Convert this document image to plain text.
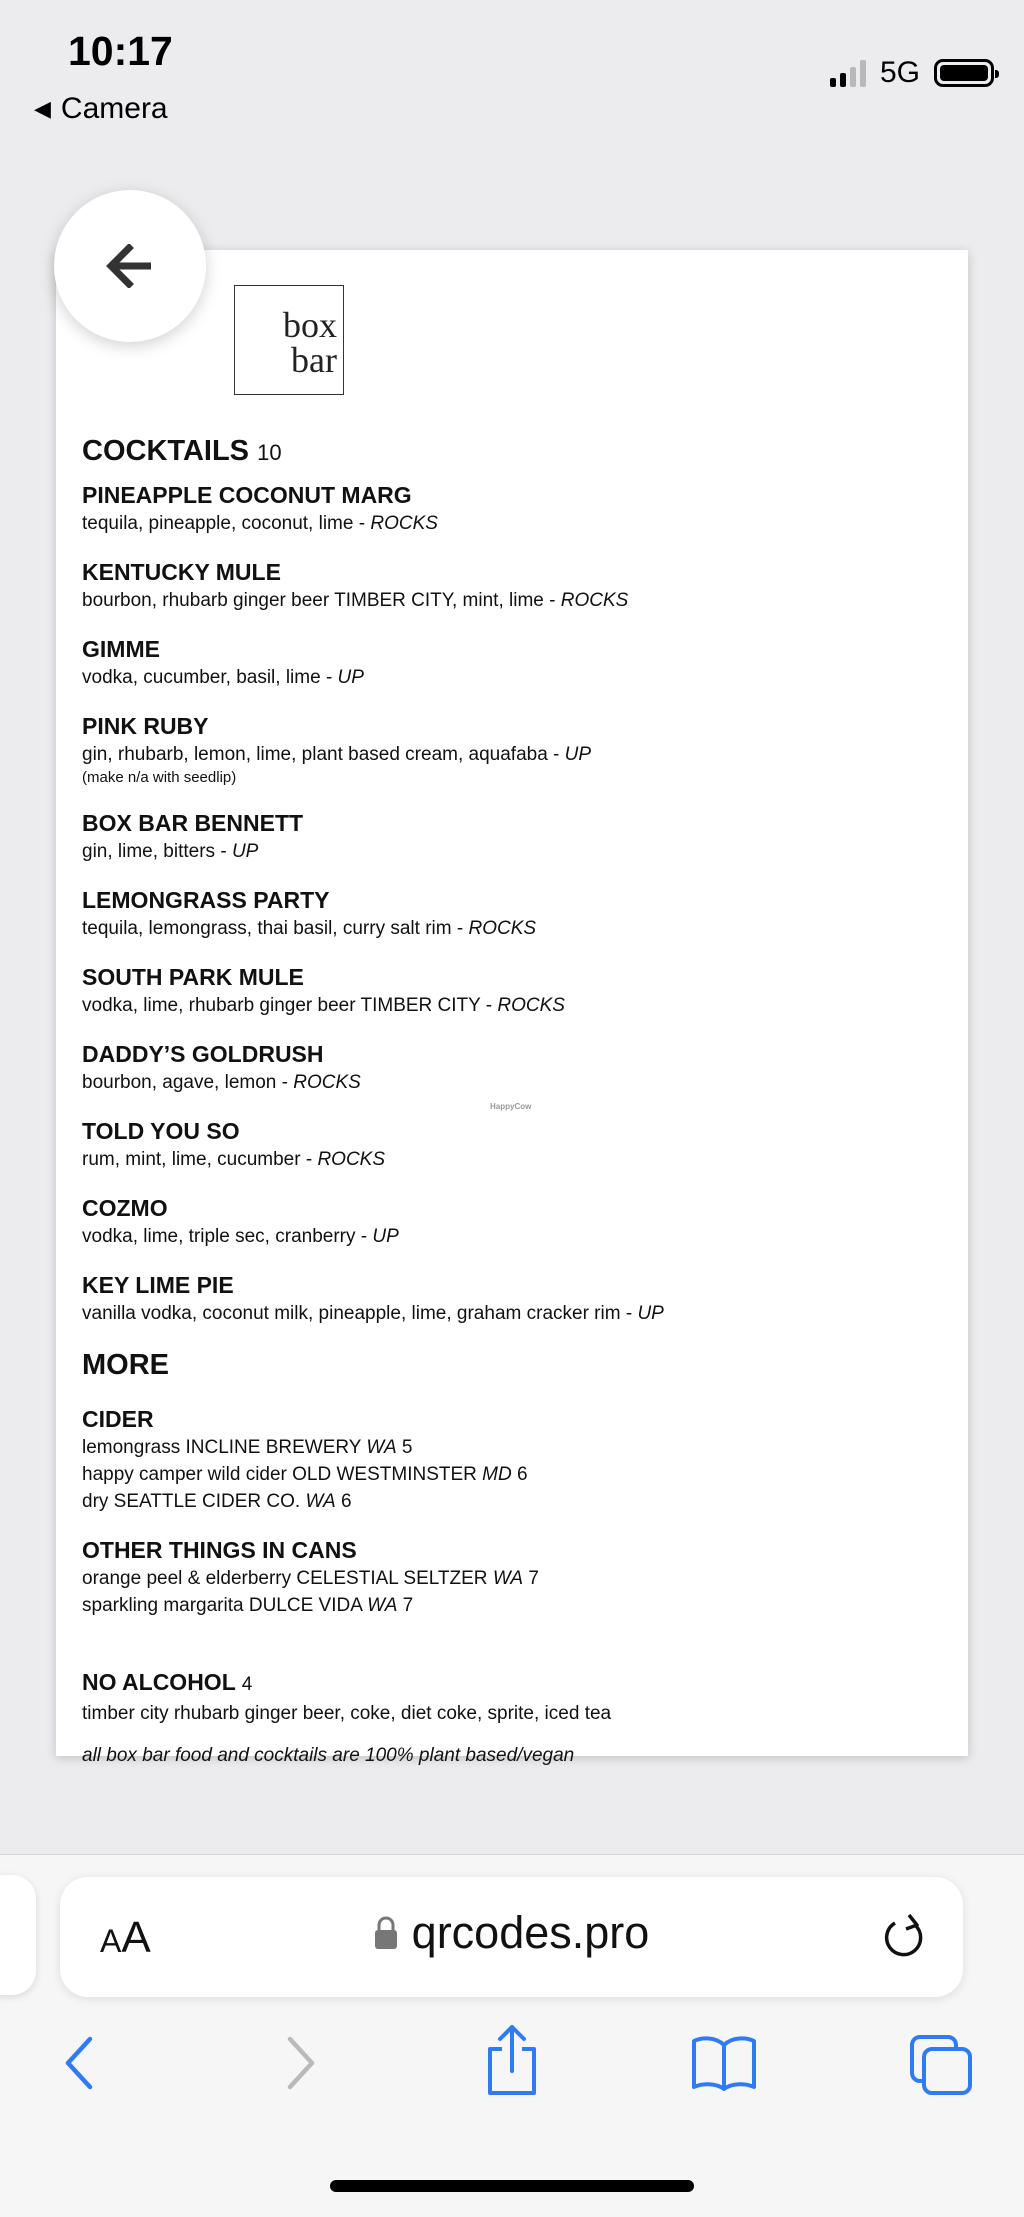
10:17
◀ Camera
5G
box
bar
HappyCow
COCKTAILS 10
PINEAPPLE COCONUT MARG
tequila, pineapple, coconut, lime - ROCKS
KENTUCKY MULE
bourbon, rhubarb ginger beer TIMBER CITY, mint, lime - ROCKS
GIMME
vodka, cucumber, basil, lime - UP
PINK RUBY
gin, rhubarb, lemon, lime, plant based cream, aquafaba - UP
(make n/a with seedlip)
BOX BAR BENNETT
gin, lime, bitters - UP
LEMONGRASS PARTY
tequila, lemongrass, thai basil, curry salt rim - ROCKS
SOUTH PARK MULE
vodka, lime, rhubarb ginger beer TIMBER CITY - ROCKS
DADDY’S GOLDRUSH
bourbon, agave, lemon - ROCKS
TOLD YOU SO
rum, mint, lime, cucumber - ROCKS
COZMO
vodka, lime, triple sec, cranberry - UP
KEY LIME PIE
vanilla vodka, coconut milk, pineapple, lime, graham cracker rim - UP
MORE
CIDER
lemongrass INCLINE BREWERY WA 5
happy camper wild cider OLD WESTMINSTER MD 6
dry SEATTLE CIDER CO. WA 6
OTHER THINGS IN CANS
orange peel & elderberry CELESTIAL SELTZER WA 7
sparkling margarita DULCE VIDA WA 7
NO ALCOHOL 4
timber city rhubarb ginger beer, coke, diet coke, sprite, iced tea
all box bar food and cocktails are 100% plant based/vegan
AA	qrcodes.pro
